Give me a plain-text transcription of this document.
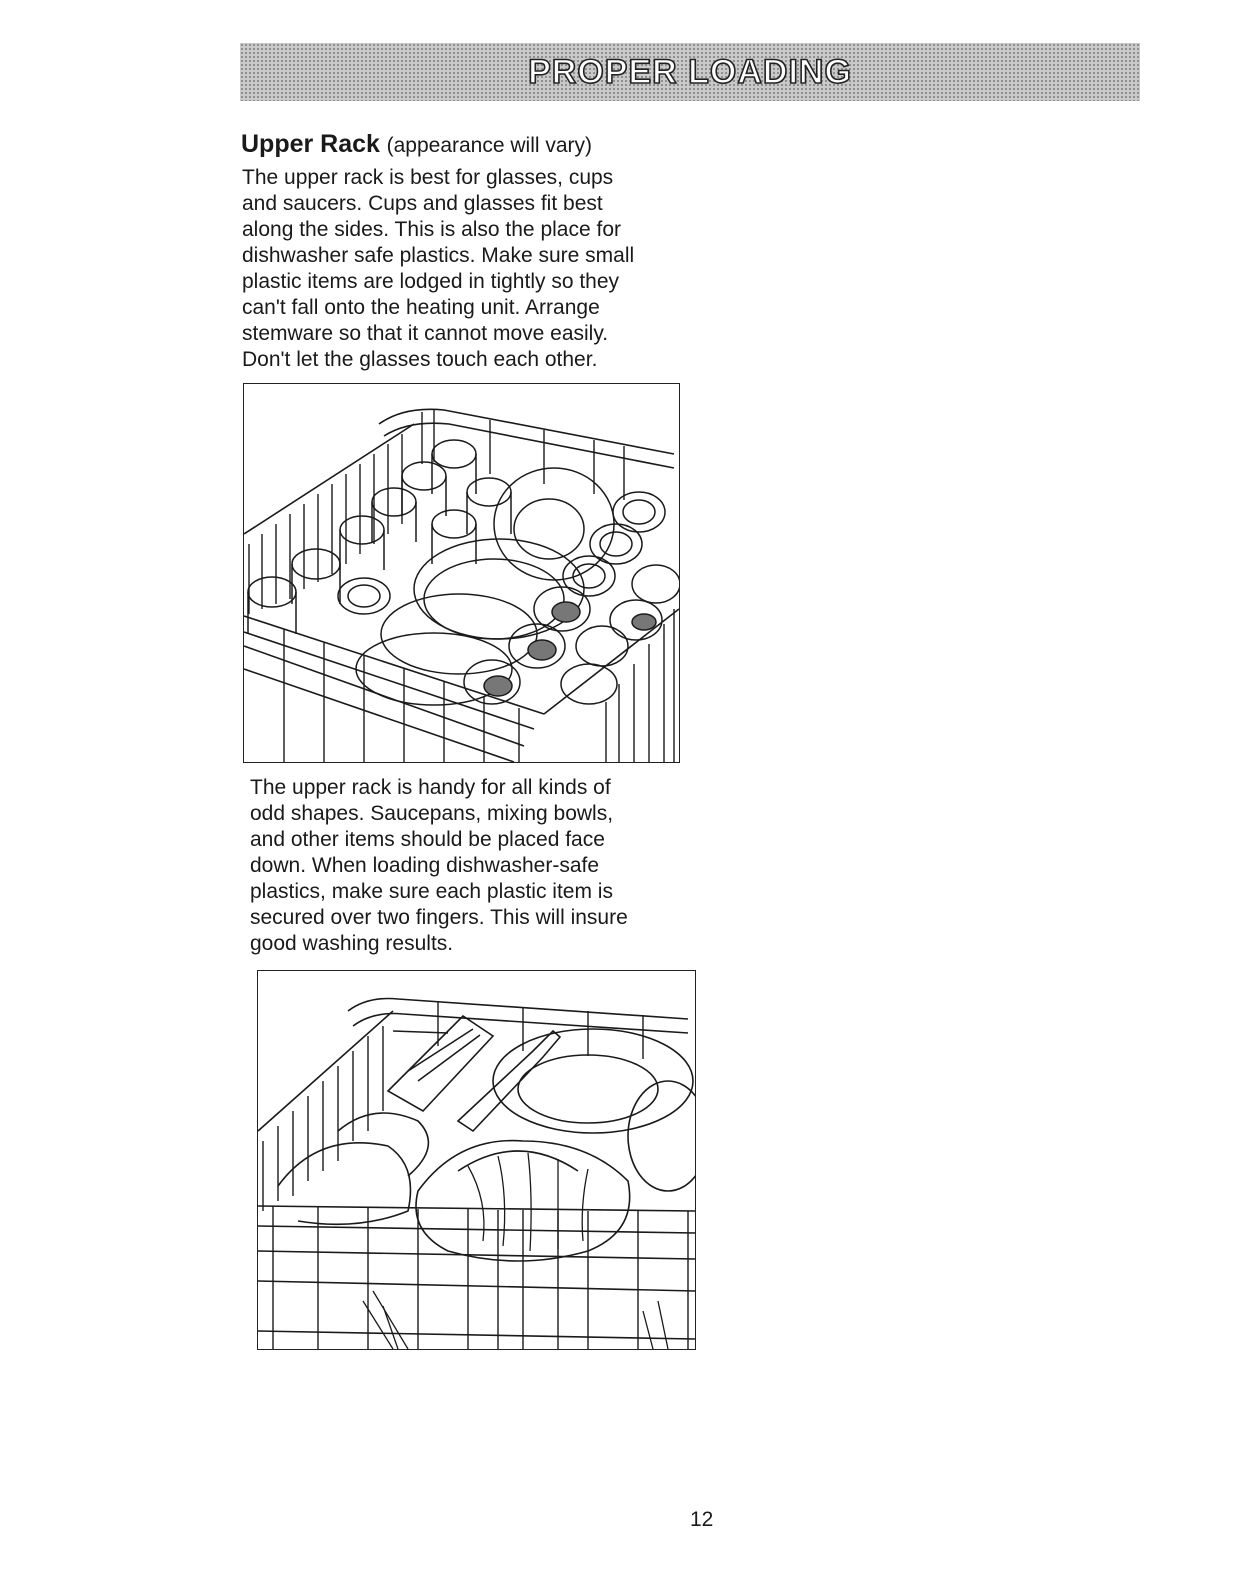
PROPER LOADING
Upper Rack (appearance will vary)

The upper rack is best for glasses, cups
and saucers. Cups and glasses fit best
along the sides. This is also the place for
dishwasher safe plastics. Make sure small
plastic items are lodged in tightly so they
can't fall onto the heating unit. Arrange
stemware so that it cannot move easily.
Don't let the glasses touch each other.

The upper rack is handy for all kinds of
odd shapes. Saucepans, mixing bowls,
and other items should be placed face
down. When loading dishwasher-safe
plastics, make sure each plastic item is
secured over two fingers. This will insure
good washing results.

12
